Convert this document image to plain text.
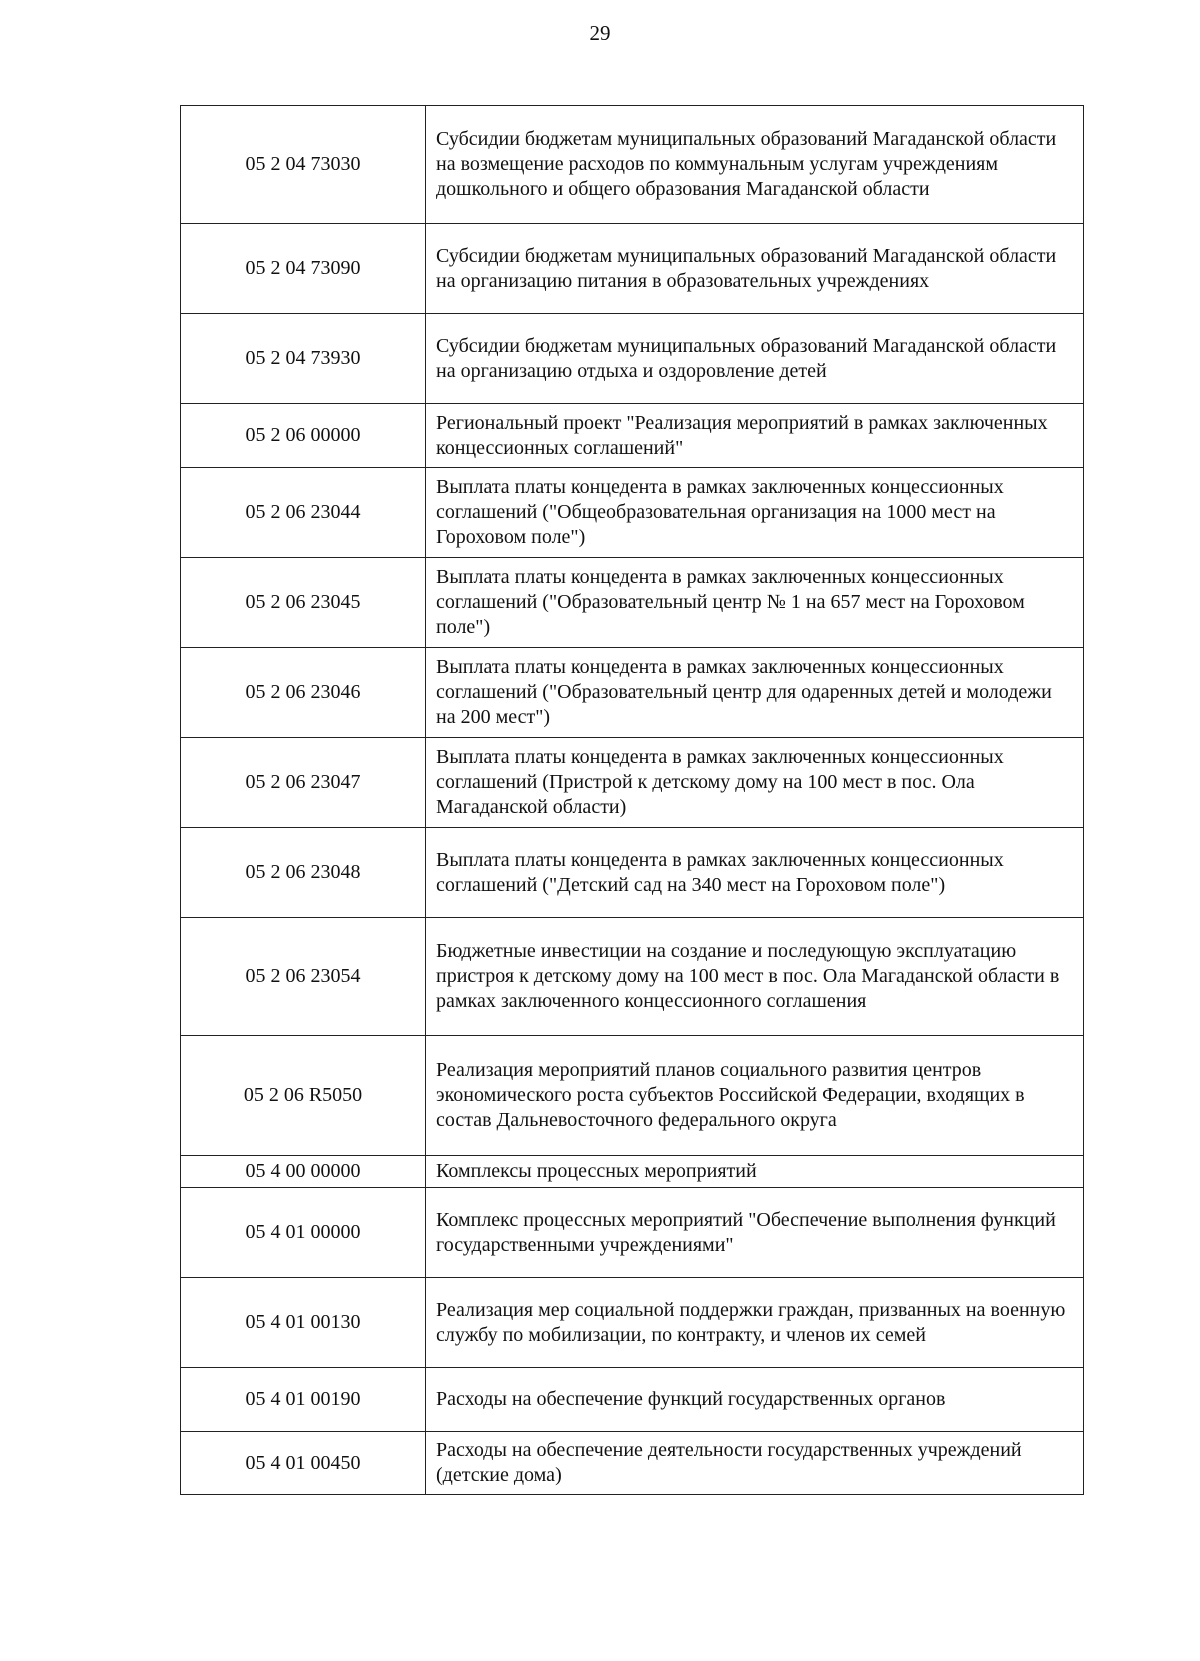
29
05 2 04 73030	Субсидии бюджетам муниципальных образований Магаданской области на возмещение расходов по коммунальным услугам учреждениям дошкольного и общего образования Магаданской области
05 2 04 73090	Субсидии бюджетам муниципальных образований Магаданской области на организацию питания в образовательных учреждениях
05 2 04 73930	Субсидии бюджетам муниципальных образований Магаданской области на организацию отдыха и оздоровление детей
05 2 06 00000	Региональный проект "Реализация мероприятий в рамках заключенных концессионных соглашений"
05 2 06 23044	Выплата платы концедента в рамках заключенных концессионных соглашений ("Общеобразовательная организация на 1000 мест на Гороховом поле")
05 2 06 23045	Выплата платы концедента в рамках заключенных концессионных соглашений ("Образовательный центр № 1 на 657 мест на Гороховом поле")
05 2 06 23046	Выплата платы концедента в рамках заключенных концессионных соглашений ("Образовательный центр для одаренных детей и молодежи на 200 мест")
05 2 06 23047	Выплата платы концедента в рамках заключенных концессионных соглашений (Пристрой к детскому дому на 100 мест в пос. Ола Магаданской области)
05 2 06 23048	Выплата платы концедента в рамках заключенных концессионных соглашений ("Детский сад на 340 мест на Гороховом поле")
05 2 06 23054	Бюджетные инвестиции на создание и последующую эксплуатацию пристроя к детскому дому на 100 мест в пос. Ола Магаданской области в рамках заключенного концессионного соглашения
05 2 06 R5050	Реализация мероприятий планов социального развития центров экономического роста субъектов Российской Федерации, входящих в состав Дальневосточного федерального округа
05 4 00 00000	Комплексы процессных мероприятий
05 4 01 00000	Комплекс процессных мероприятий "Обеспечение выполнения функций государственными учреждениями"
05 4 01 00130	Реализация мер социальной поддержки граждан, призванных на военную службу по мобилизации, по контракту, и членов их семей
05 4 01 00190	Расходы на обеспечение функций государственных органов
05 4 01 00450	Расходы на обеспечение деятельности государственных учреждений (детские дома)
